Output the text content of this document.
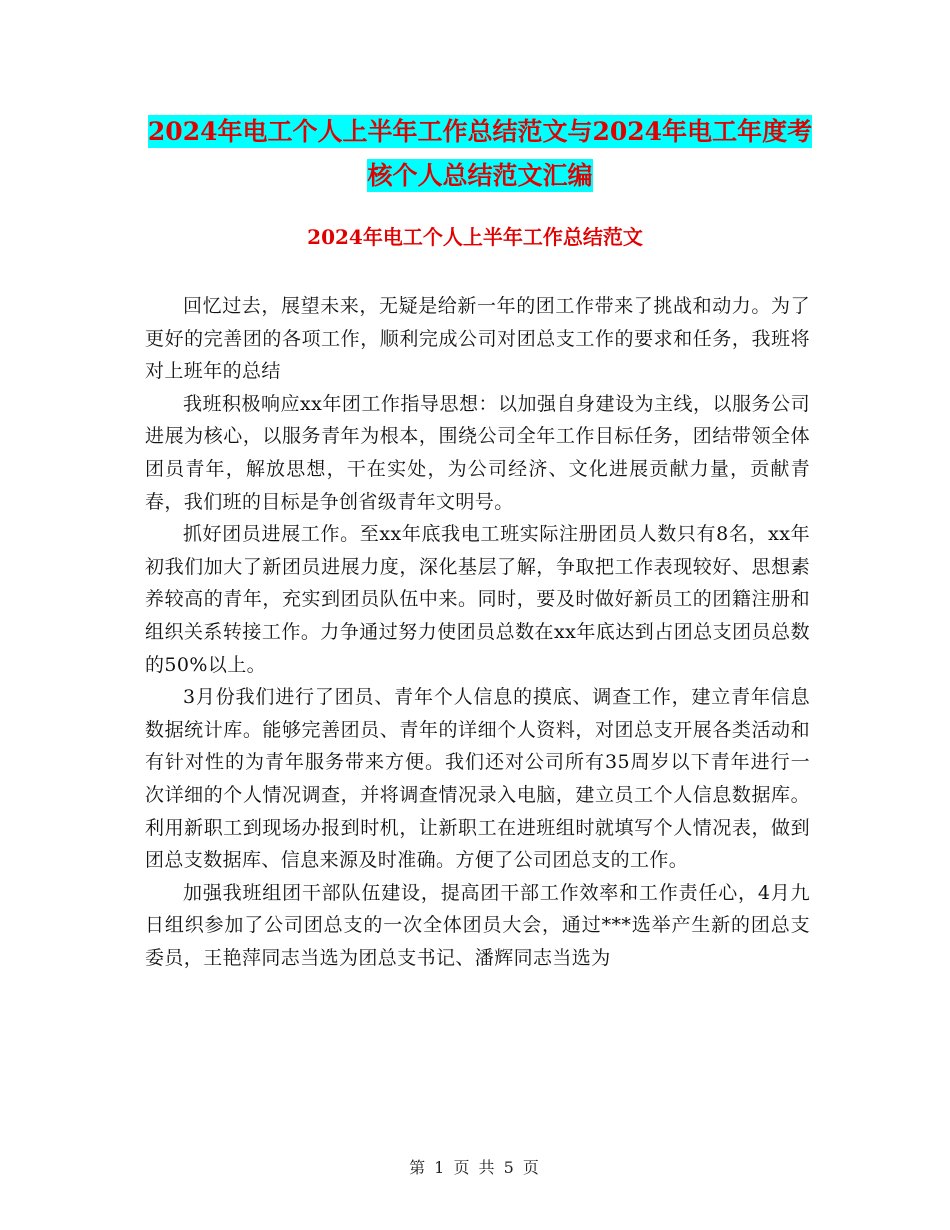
2024年电工个人上半年工作总结范文与2024年电工年度考核个人总结范文汇编
2024年电工个人上半年工作总结范文

回忆过去，展望未来，无疑是给新一年的团工作带来了挑战和动力。为了更好的完善团的各项工作，顺利完成公司对团总支工作的要求和任务，我班将对上班年的总结

我班积极响应xx年团工作指导思想：以加强自身建设为主线，以服务公司进展为核心，以服务青年为根本，围绕公司全年工作目标任务，团结带领全体团员青年，解放思想，干在实处，为公司经济、文化进展贡献力量，贡献青春，我们班的目标是争创省级青年文明号。

抓好团员进展工作。至xx年底我电工班实际注册团员人数只有8名，xx年初我们加大了新团员进展力度，深化基层了解，争取把工作表现较好、思想素养较高的青年，充实到团员队伍中来。同时，要及时做好新员工的团籍注册和组织关系转接工作。力争通过努力使团员总数在xx年底达到占团总支团员总数的50%以上。

3月份我们进行了团员、青年个人信息的摸底、调查工作，建立青年信息数据统计库。能够完善团员、青年的详细个人资料，对团总支开展各类活动和有针对性的为青年服务带来方便。我们还对公司所有35周岁以下青年进行一次详细的个人情况调查，并将调查情况录入电脑，建立员工个人信息数据库。利用新职工到现场办报到时机，让新职工在进班组时就填写个人情况表，做到团总支数据库、信息来源及时准确。方便了公司团总支的工作。

加强我班组团干部队伍建设，提高团干部工作效率和工作责任心，4月九日组织参加了公司团总支的一次全体团员大会，通过***选举产生新的团总支委员，王艳萍同志当选为团总支书记、潘辉同志当选为

第 1 页 共 5 页
